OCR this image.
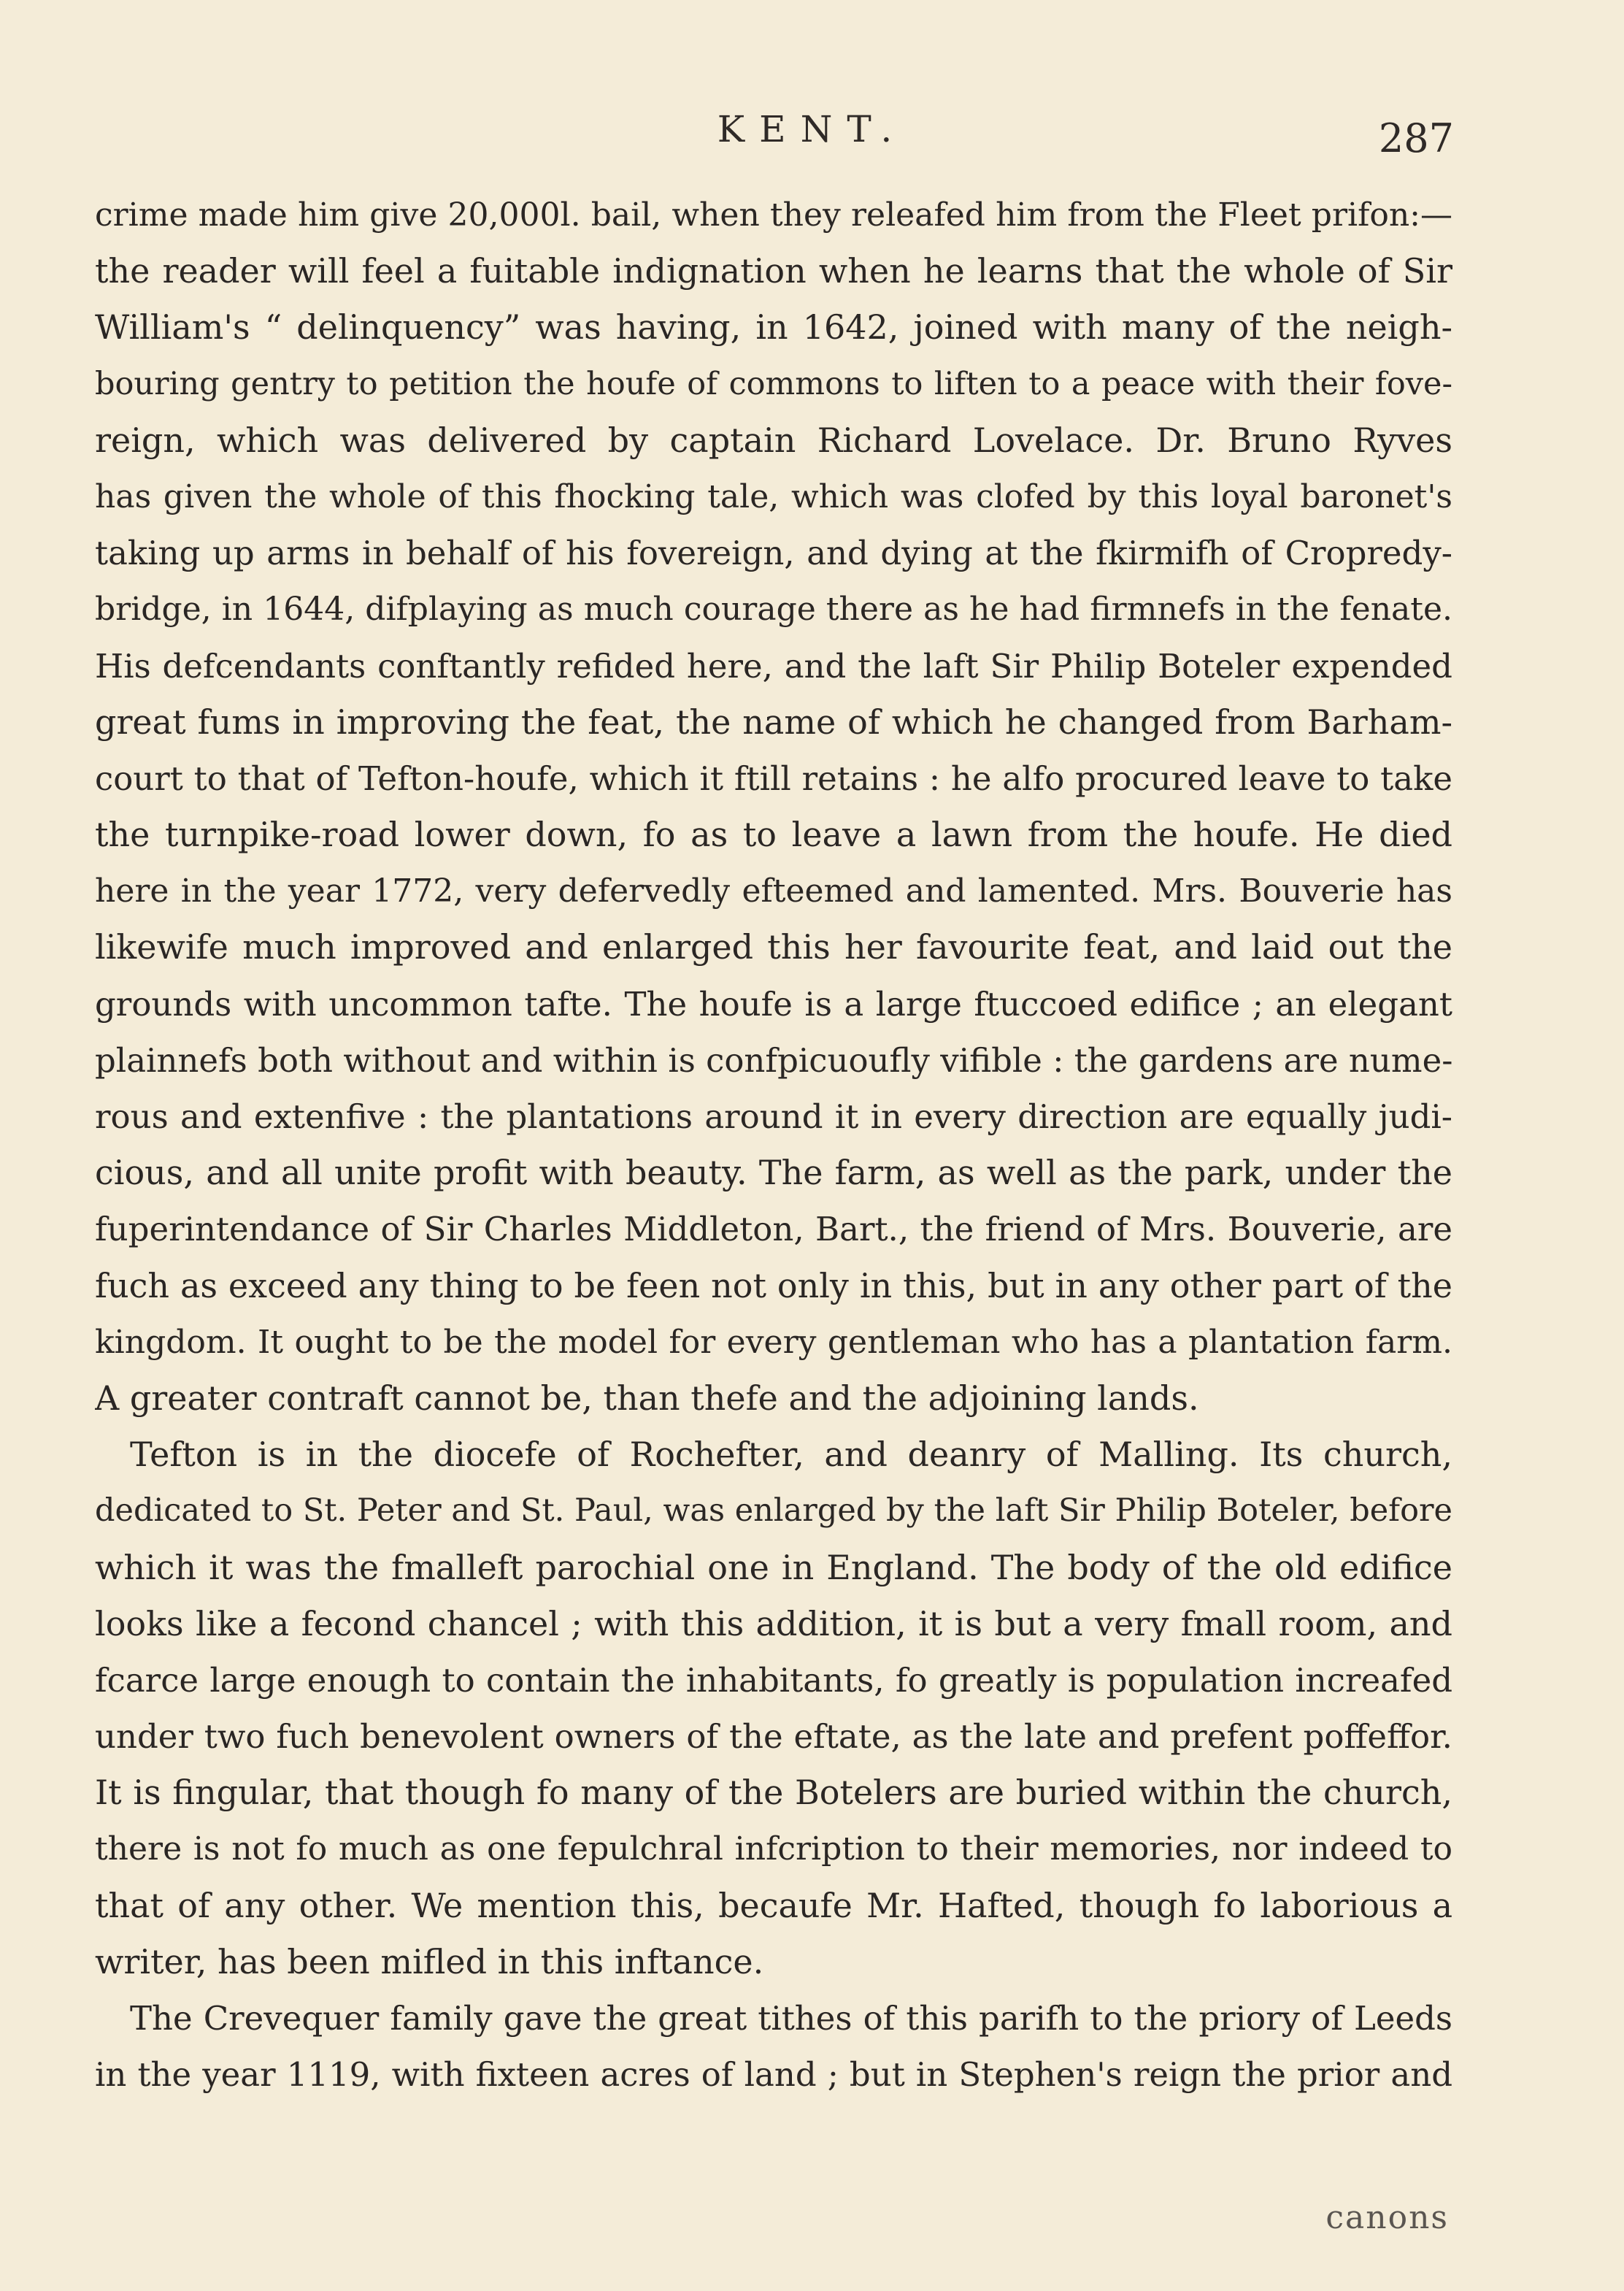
KENT.	287
crime made him give 20,000l. bail, when they releafed him from the Fleet prifon:—
the reader will feel a fuitable indignation when he learns that the whole of Sir
William's “ delinquency” was having, in 1642, joined with many of the neigh-
bouring gentry to petition the houfe of commons to liften to a peace with their fove-
reign, which was delivered by captain Richard Lovelace. Dr. Bruno Ryves
has given the whole of this fhocking tale, which was clofed by this loyal baronet's
taking up arms in behalf of his fovereign, and dying at the fkirmifh of Cropredy-
bridge, in 1644, difplaying as much courage there as he had firmnefs in the fenate.
His defcendants conftantly refided here, and the laft Sir Philip Boteler expended
great fums in improving the feat, the name of which he changed from Barham-
court to that of Tefton-houfe, which it ftill retains : he alfo procured leave to take
the turnpike-road lower down, fo as to leave a lawn from the houfe. He died
here in the year 1772, very defervedly efteemed and lamented. Mrs. Bouverie has
likewife much improved and enlarged this her favourite feat, and laid out the
grounds with uncommon tafte. The houfe is a large ftuccoed edifice ; an elegant
plainnefs both without and within is confpicuoufly vifible : the gardens are nume-
rous and extenfive : the plantations around it in every direction are equally judi-
cious, and all unite profit with beauty. The farm, as well as the park, under the
fuperintendance of Sir Charles Middleton, Bart., the friend of Mrs. Bouverie, are
fuch as exceed any thing to be feen not only in this, but in any other part of the
kingdom. It ought to be the model for every gentleman who has a plantation farm.
A greater contraft cannot be, than thefe and the adjoining lands.
Tefton is in the diocefe of Rochefter, and deanry of Malling. Its church,
dedicated to St. Peter and St. Paul, was enlarged by the laft Sir Philip Boteler, before
which it was the fmalleft parochial one in England. The body of the old edifice
looks like a fecond chancel ; with this addition, it is but a very fmall room, and
fcarce large enough to contain the inhabitants, fo greatly is population increafed
under two fuch benevolent owners of the eftate, as the late and prefent poffeffor.
It is fingular, that though fo many of the Botelers are buried within the church,
there is not fo much as one fepulchral infcription to their memories, nor indeed to
that of any other. We mention this, becaufe Mr. Hafted, though fo laborious a
writer, has been mifled in this inftance.
The Crevequer family gave the great tithes of this parifh to the priory of Leeds
in the year 1119, with fixteen acres of land ; but in Stephen's reign the prior and
canons
